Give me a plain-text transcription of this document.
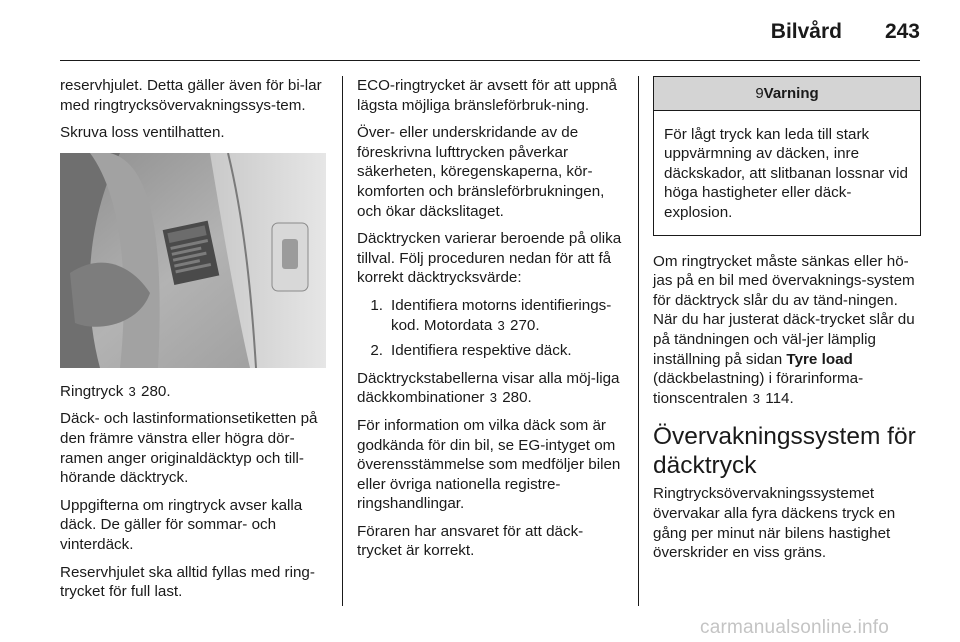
Bilvård 243

reservhjulet. Detta gäller även för bi-lar med ringtrycksövervakningssys-tem.

Skruva loss ventilhatten.

Ringtryck 3 280.

Däck- och lastinformationsetiketten på den främre vänstra eller högra dör-ramen anger originaldäcktyp och till-hörande däcktryck.

Uppgifterna om ringtryck avser kalla däck. De gäller för sommar- och vinterdäck.

Reservhjulet ska alltid fyllas med ring-trycket för full last.

ECO-ringtrycket är avsett för att uppnå lägsta möjliga bränsleförbruk-ning.

Över- eller underskridande av de föreskrivna lufttrycken påverkar säkerheten, köregenskaperna, kör-komforten och bränsleförbrukningen, och ökar däckslitaget.

Däcktrycken varierar beroende på olika tillval. Följ proceduren nedan för att få korrekt däcktrycksvärde:

1. Identifiera motorns identifierings-kod. Motordata 3 270.
2. Identifiera respektive däck.

Däcktryckstabellerna visar alla möj-liga däckkombinationer 3 280.

För information om vilka däck som är godkända för din bil, se EG-intyget om överensstämmelse som medföljer bilen eller övriga nationella registre-ringshandlingar.

Föraren har ansvaret för att däck-trycket är korrekt.

9Varning

För lågt tryck kan leda till stark uppvärmning av däcken, inre däckskador, att slitbanan lossnar vid höga hastigheter eller däck-explosion.

Om ringtrycket måste sänkas eller hö-jas på en bil med övervaknings-system för däcktryck slår du av tänd-ningen. När du har justerat däck-trycket slår du på tändningen och väl-jer lämplig inställning på sidan Tyre load (däckbelastning) i förarinforma-tionscentralen 3 114.

Övervakningssystem för däcktryck

Ringtrycksövervakningssystemet övervakar alla fyra däckens tryck en gång per minut när bilens hastighet överskrider en viss gräns.

carmanualsonline.info
